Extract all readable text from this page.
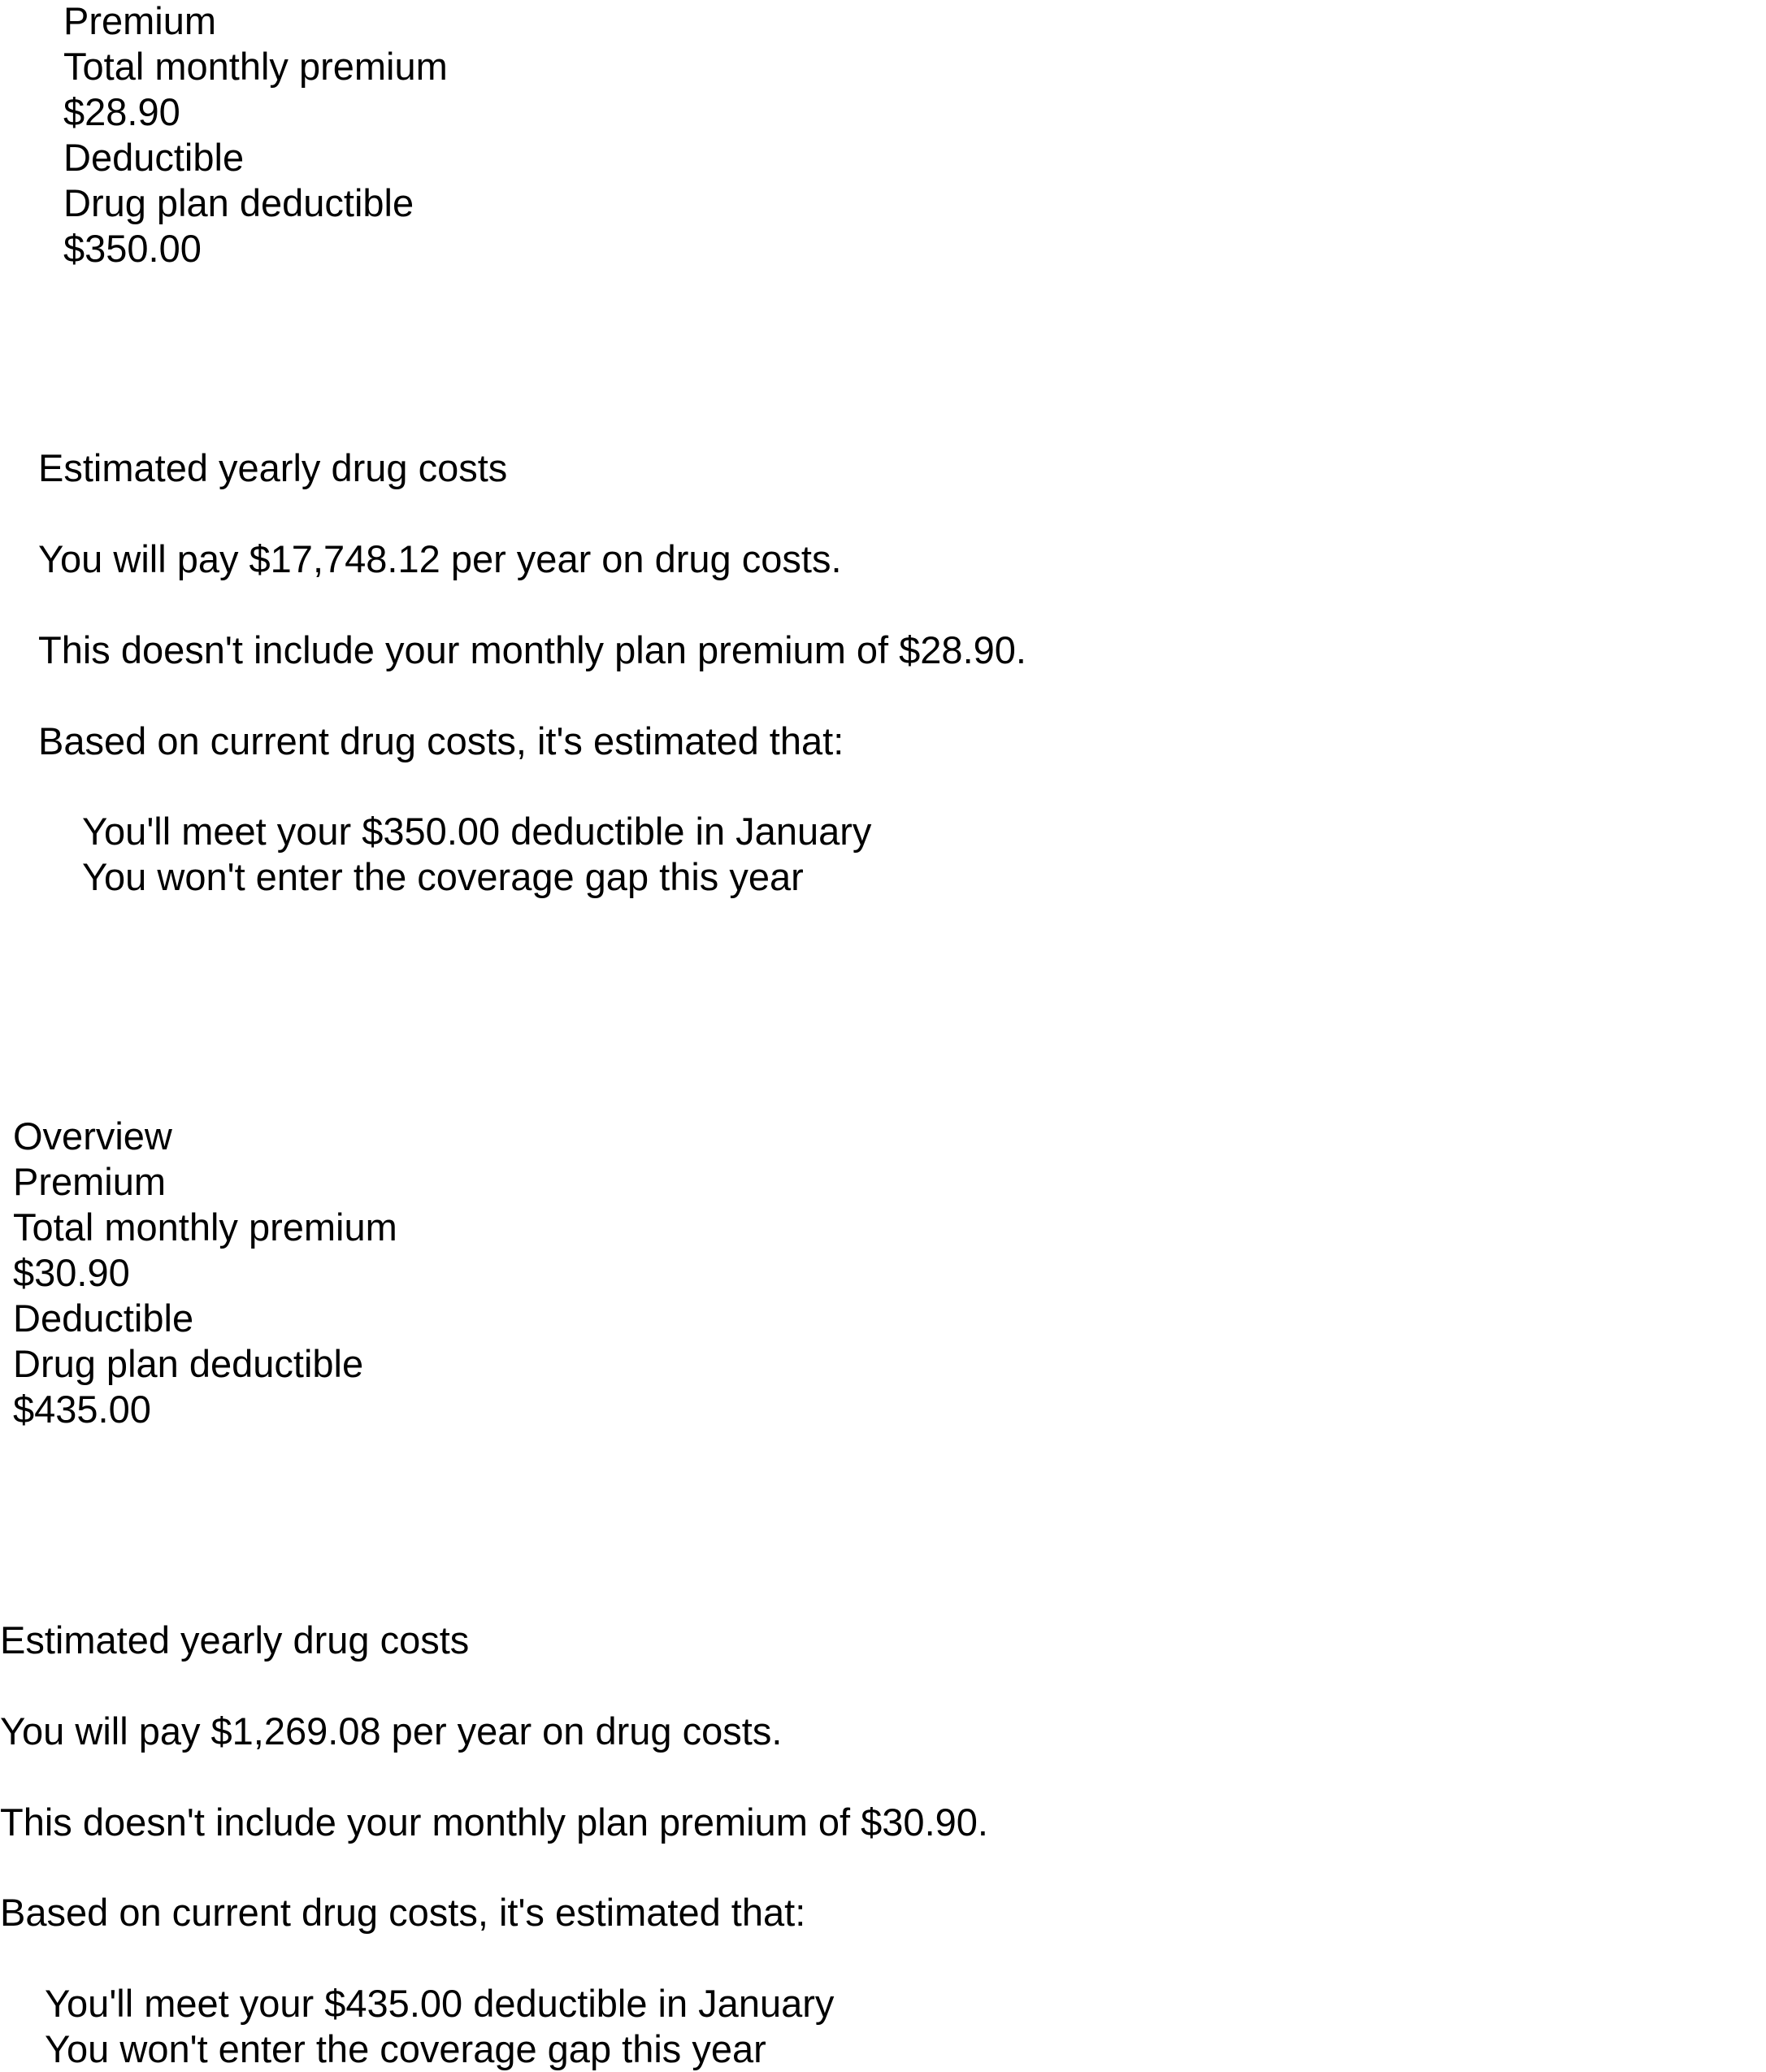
Premium
Total monthly premium
$28.90
Deductible
Drug plan deductible
$350.00
Estimated yearly drug costs
You will pay $17,748.12 per year on drug costs.
This doesn't include your monthly plan premium of $28.90.
Based on current drug costs, it's estimated that:
You'll meet your $350.00 deductible in January
You won't enter the coverage gap this year
Overview
Premium
Total monthly premium
$30.90
Deductible
Drug plan deductible
$435.00
Estimated yearly drug costs
You will pay $1,269.08 per year on drug costs.
This doesn't include your monthly plan premium of $30.90.
Based on current drug costs, it's estimated that:
You'll meet your $435.00 deductible in January
You won't enter the coverage gap this year
